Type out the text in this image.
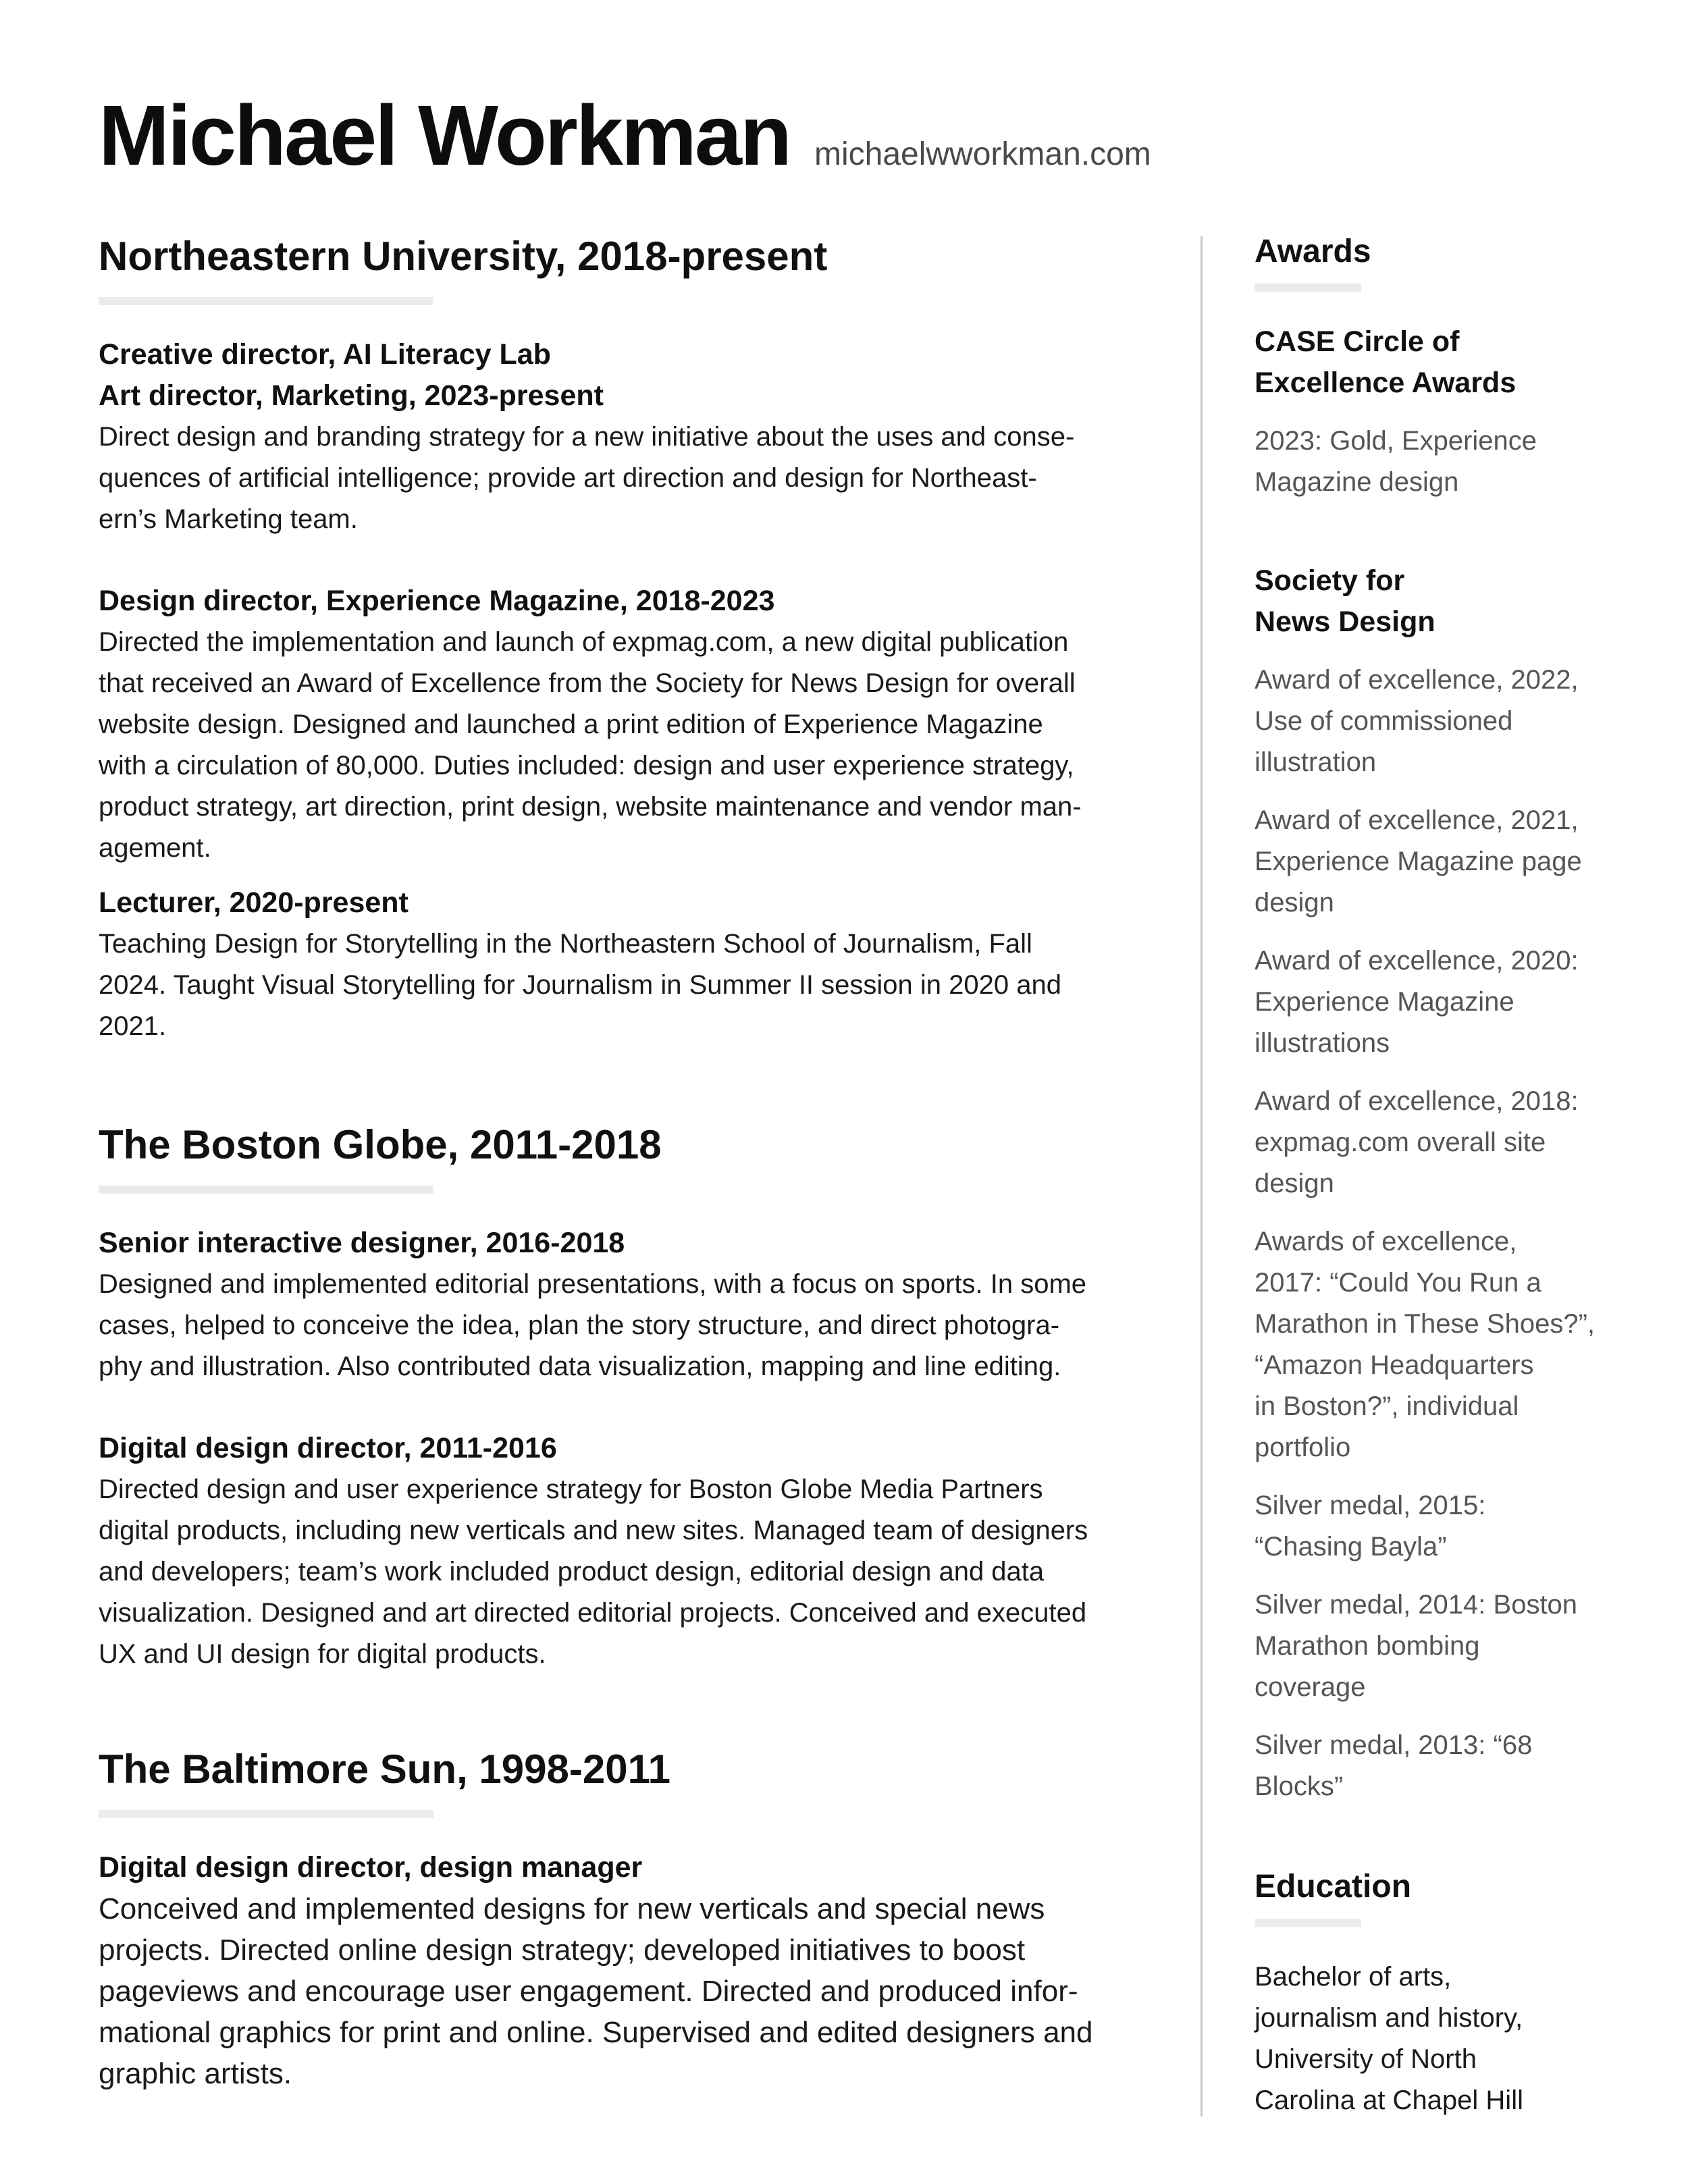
Michael Workman michaelwworkman.com
Northeastern University, 2018-present
Creative director, AI Literacy Lab
Art director, Marketing, 2023-present
Direct design and branding strategy for a new initiative about the uses and conse-
quences of artificial intelligence; provide art direction and design for Northeast-
ern’s Marketing team.
Design director, Experience Magazine, 2018-2023
Directed the implementation and launch of expmag.com, a new digital publication
that received an Award of Excellence from the Society for News Design for overall
website design. Designed and launched a print edition of Experience Magazine
with a circulation of 80,000. Duties included: design and user experience strategy,
product strategy, art direction, print design, website maintenance and vendor man-
agement.
Lecturer, 2020-present
Teaching Design for Storytelling in the Northeastern School of Journalism, Fall
2024. Taught Visual Storytelling for Journalism in Summer II session in 2020 and
2021.
The Boston Globe, 2011-2018
Senior interactive designer, 2016-2018
Designed and implemented editorial presentations, with a focus on sports. In some
cases, helped to conceive the idea, plan the story structure, and direct photogra-
phy and illustration. Also contributed data visualization, mapping and line editing.
Digital design director, 2011-2016
Directed design and user experience strategy for Boston Globe Media Partners
digital products, including new verticals and new sites. Managed team of designers
and developers; team’s work included product design, editorial design and data
visualization. Designed and art directed editorial projects. Conceived and executed
UX and UI design for digital products.
The Baltimore Sun, 1998-2011
Digital design director, design manager
Conceived and implemented designs for new verticals and special news
projects. Directed online design strategy; developed initiatives to boost
pageviews and encourage user engagement. Directed and produced infor-
mational graphics for print and online. Supervised and edited designers and
graphic artists.
Awards
CASE Circle of
Excellence Awards
2023: Gold, Experience
Magazine design
Society for
News Design
Award of excellence, 2022,
Use of commissioned
illustration
Award of excellence, 2021,
Experience Magazine page
design
Award of excellence, 2020:
Experience Magazine
illustrations
Award of excellence, 2018:
expmag.com overall site
design
Awards of excellence,
2017: “Could You Run a
Marathon in These Shoes?”,
“Amazon Headquarters
in Boston?”, individual
portfolio
Silver medal, 2015:
“Chasing Bayla”
Silver medal, 2014: Boston
Marathon bombing
coverage
Silver medal, 2013: “68
Blocks”
Education
Bachelor of arts,
journalism and history,
University of North
Carolina at Chapel Hill
